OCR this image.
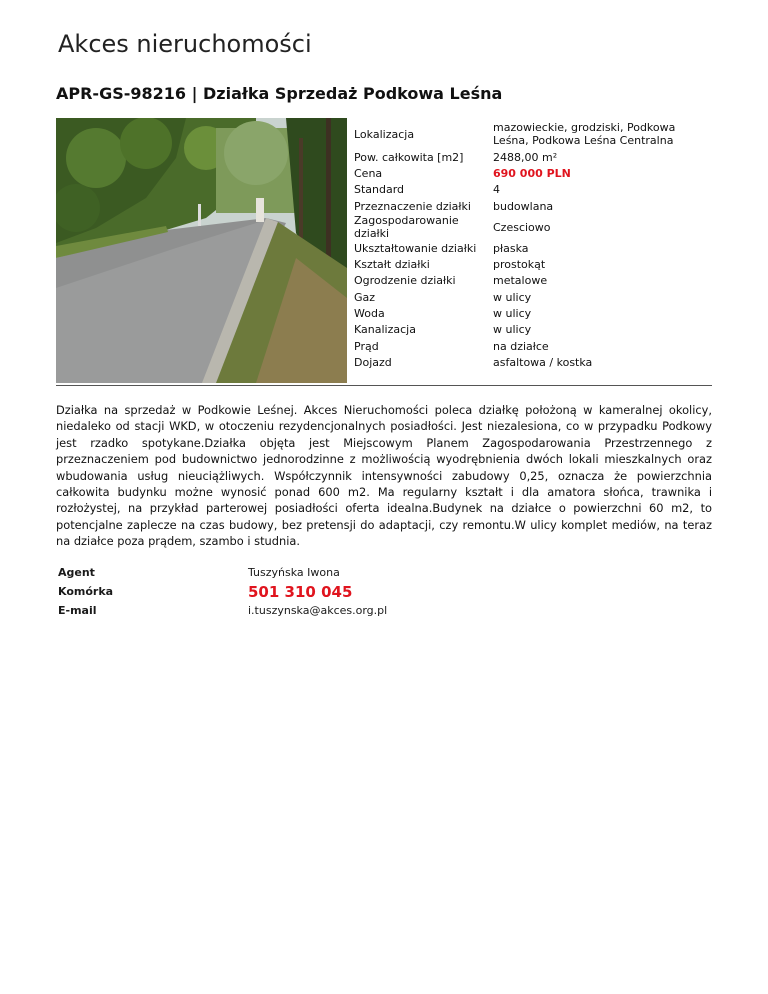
Akces nieruchomości
APR-GS-98216 | Działka Sprzedaż Podkowa Leśna
Lokalizacja	mazowieckie, grodziski, Podkowa Leśna, Podkowa Leśna Centralna
Pow. całkowita [m2]	2488,00 m²
Cena	690 000 PLN
Standard	4
Przeznaczenie działki	budowlana
Zagospodarowanie działki	Czesciowo
Ukształtowanie działki	płaska
Kształt działki	prostokąt
Ogrodzenie działki	metalowe
Gaz	w ulicy
Woda	w ulicy
Kanalizacja	w ulicy
Prąd	na działce
Dojazd	asfaltowa / kostka

Działka na sprzedaż w Podkowie Leśnej. Akces Nieruchomości poleca działkę położoną w kameralnej okolicy, niedaleko od stacji WKD, w otoczeniu rezydencjonalnych posiadłości. Jest niezalesiona, co w przypadku Podkowy jest rzadko spotykane.Działka objęta jest Miejscowym Planem Zagospodarowania Przestrzennego z przeznaczeniem pod budownictwo jednorodzinne z możliwością wyodrębnienia dwóch lokali mieszkalnych oraz wbudowania usług nieuciążliwych. Współczynnik intensywności zabudowy 0,25, oznacza że powierzchnia całkowita budynku możne wynosić ponad 600 m2. Ma regularny kształt i dla amatora słońca, trawnika i rozłożystej, na przykład parterowej posiadłości oferta idealna.Budynek na działce o powierzchni 60 m2, to potencjalne zaplecze na czas budowy, bez pretensji do adaptacji, czy remontu.W ulicy komplet mediów, na teraz na działce poza prądem, szambo i studnia.

Agent	Tuszyńska Iwona
Komórka	501 310 045
E-mail	i.tuszynska@akces.org.pl
